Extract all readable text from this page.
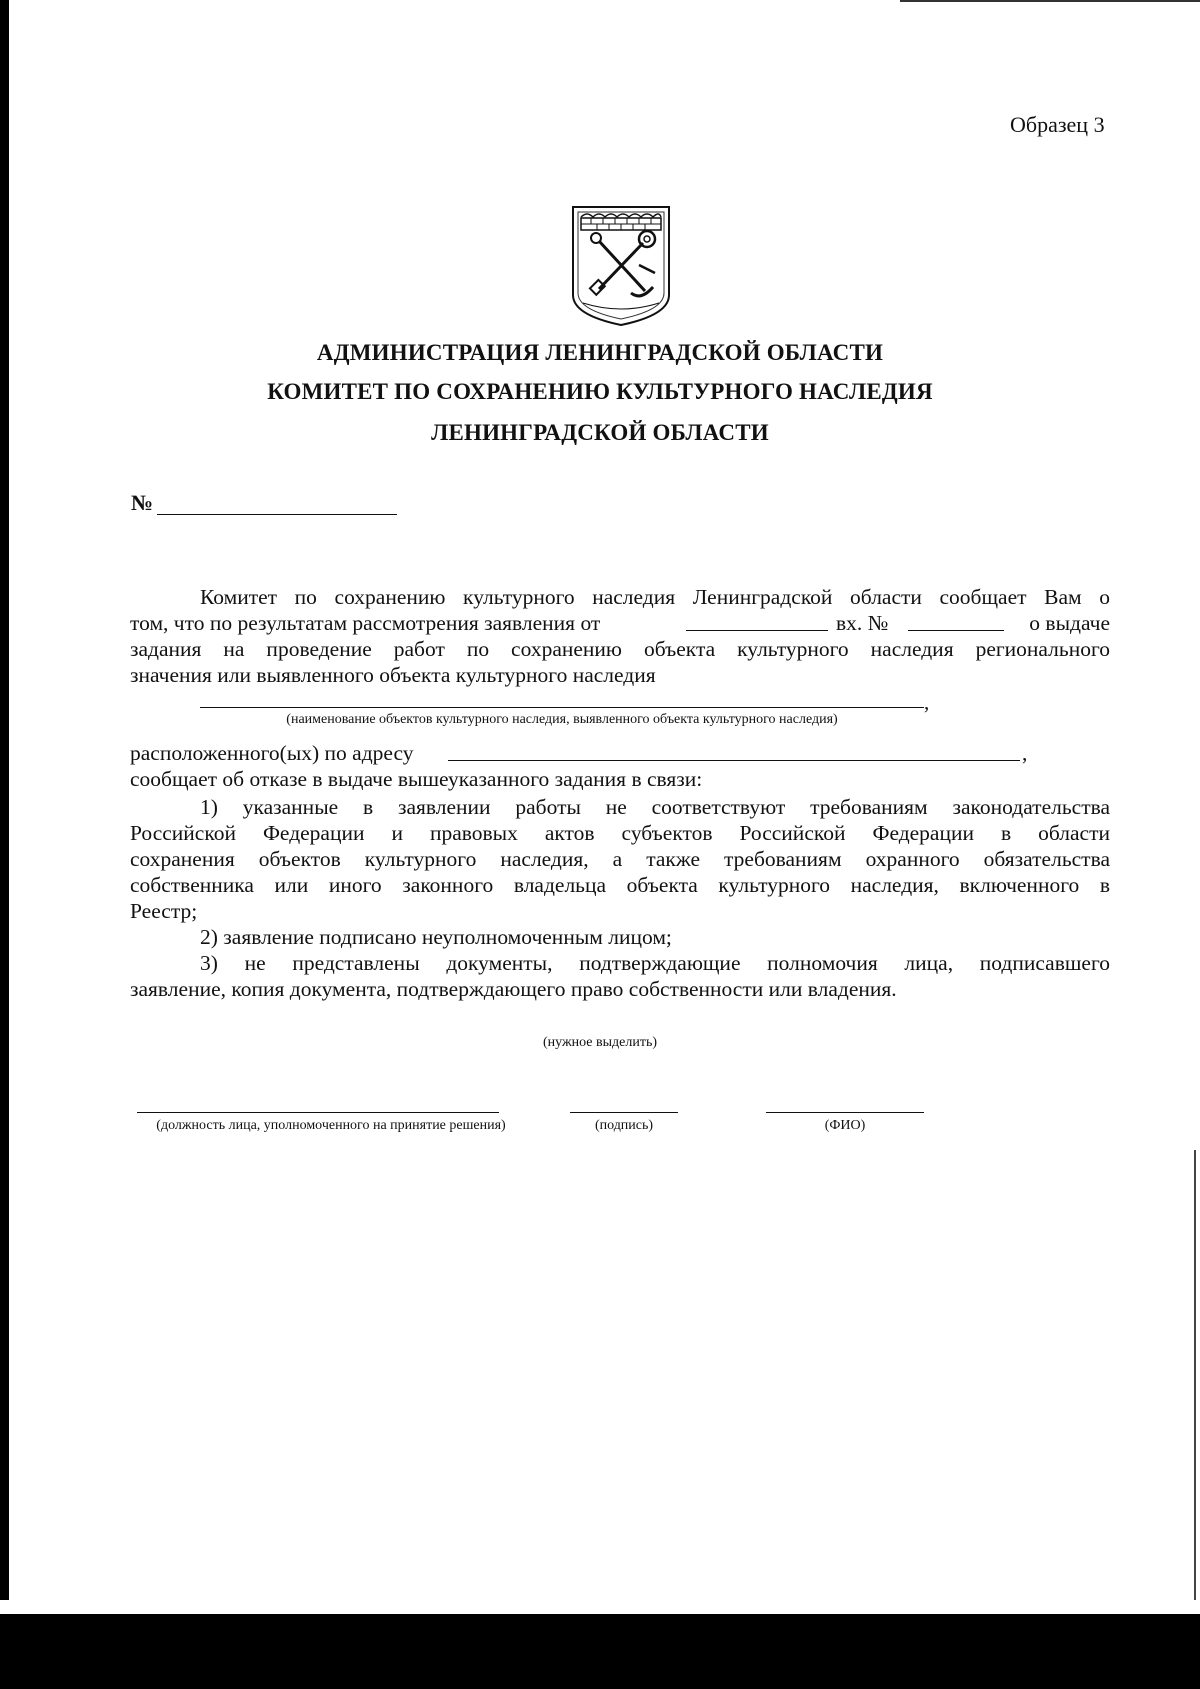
Образец 3
АДМИНИСТРАЦИЯ ЛЕНИНГРАДСКОЙ ОБЛАСТИ
КОМИТЕТ ПО СОХРАНЕНИЮ КУЛЬТУРНОГО НАСЛЕДИЯ
ЛЕНИНГРАДСКОЙ ОБЛАСТИ
№
Комитет по сохранению культурного наследия Ленинградской области сообщает Вам о
том, что по результатам рассмотрения заявления от	вх. №	о выдаче
задания на проведение работ по сохранению объекта культурного наследия регионального
значения или выявленного объекта культурного наследия
,
(наименование объектов культурного наследия, выявленного объекта культурного наследия)
расположенного(ых) по адресу	,
сообщает об отказе в выдаче вышеуказанного задания в связи:
1) указанные в заявлении работы не соответствуют требованиям законодательства
Российской Федерации и правовых актов субъектов Российской Федерации в области
сохранения объектов культурного наследия, а также требованиям охранного обязательства
собственника или иного законного владельца объекта культурного наследия, включенного в
Реестр;
2) заявление подписано неуполномоченным лицом;
3) не представлены документы, подтверждающие полномочия лица, подписавшего
заявление, копия документа, подтверждающего право собственности или владения.
(нужное выделить)
(должность лица, уполномоченного на принятие решения)	(подпись)	(ФИО)
